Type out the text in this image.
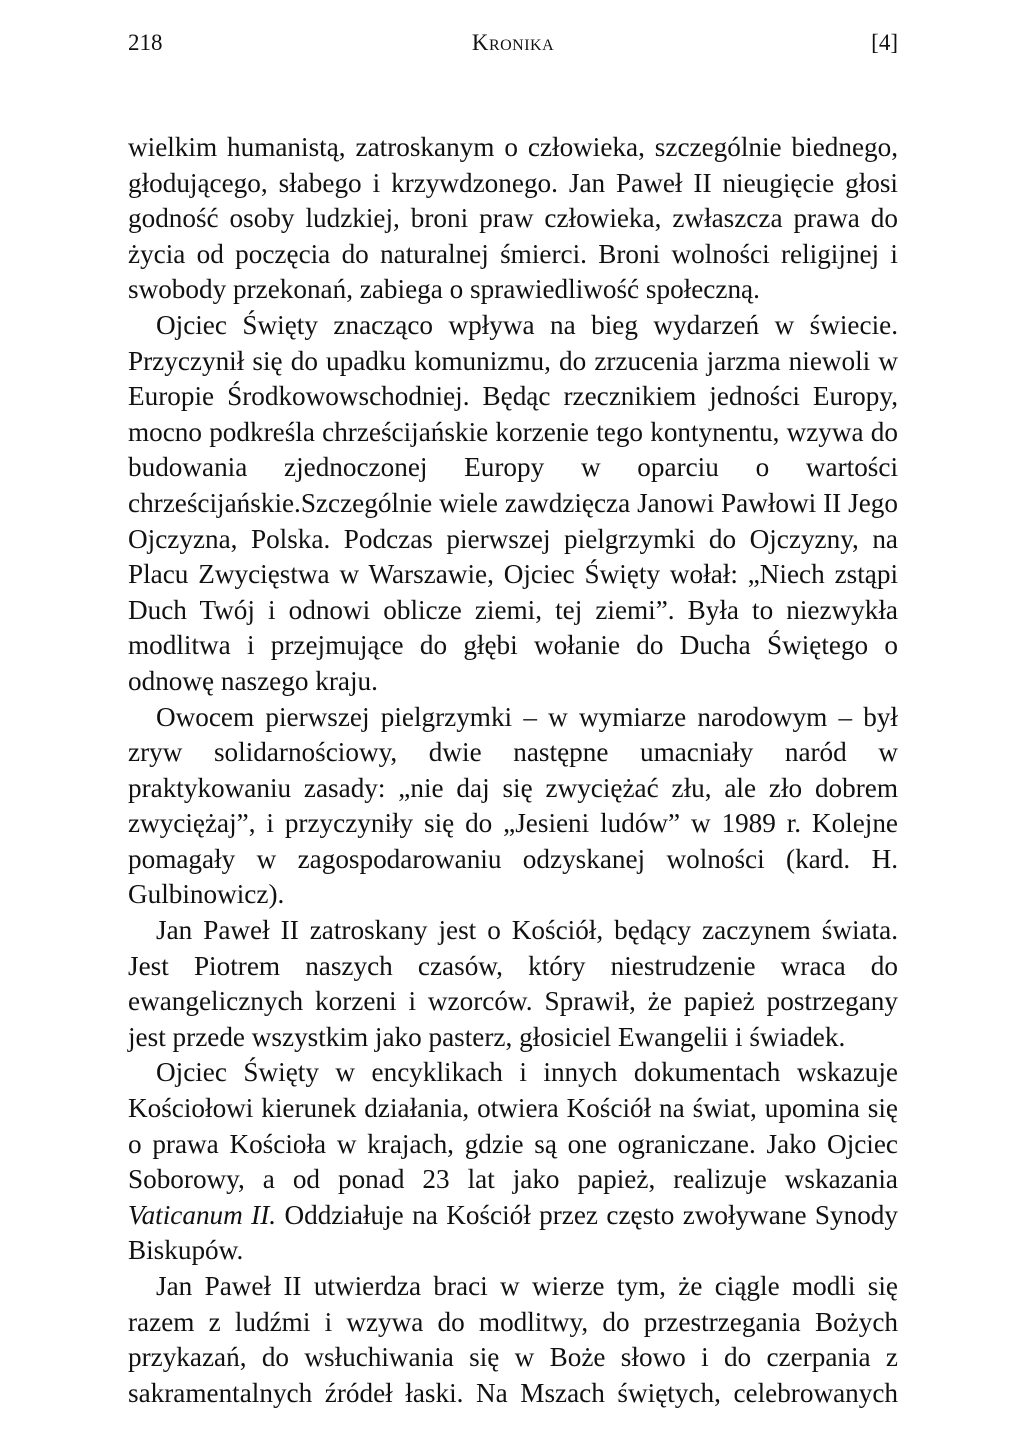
218	Kronika	[4]

wielkim humanistą, zatroskanym o człowieka, szczególnie biednego, głodującego, słabego i krzywdzonego. Jan Paweł II nieugięcie głosi godność osoby ludzkiej, broni praw człowieka, zwłaszcza prawa do życia od poczęcia do naturalnej śmierci. Broni wolności religijnej i swobody przekonań, zabiega o sprawiedliwość społeczną.

Ojciec Święty znacząco wpływa na bieg wydarzeń w świecie. Przyczynił się do upadku komunizmu, do zrzucenia jarzma niewoli w Europie Środkowowschodniej. Będąc rzecznikiem jedności Europy, mocno podkreśla chrześcijańskie korzenie tego kontynentu, wzywa do budowania zjednoczonej Europy w oparciu o wartości chrześcijańskie.Szczególnie wiele zawdzięcza Janowi Pawłowi II Jego Ojczyzna, Polska. Podczas pierwszej pielgrzymki do Ojczyzny, na Placu Zwycięstwa w Warszawie, Ojciec Święty wołał: „Niech zstąpi Duch Twój i odnowi oblicze ziemi, tej ziemi”. Była to niezwykła modlitwa i przejmujące do głębi wołanie do Ducha Świętego o odnowę naszego kraju.

Owocem pierwszej pielgrzymki – w wymiarze narodowym – był zryw solidarnościowy, dwie następne umacniały naród w praktykowaniu zasady: „nie daj się zwyciężać złu, ale zło dobrem zwyciężaj”, i przyczyniły się do „Jesieni ludów” w 1989 r. Kolejne pomagały w zagospodarowaniu odzyskanej wolności (kard. H. Gulbinowicz).

Jan Paweł II zatroskany jest o Kościół, będący zaczynem świata. Jest Piotrem naszych czasów, który niestrudzenie wraca do ewangelicznych korzeni i wzorców. Sprawił, że papież postrzegany jest przede wszystkim jako pasterz, głosiciel Ewangelii i świadek.

Ojciec Święty w encyklikach i innych dokumentach wskazuje Kościołowi kierunek działania, otwiera Kościół na świat, upomina się o prawa Kościoła w krajach, gdzie są one ograniczane. Jako Ojciec Soborowy, a od ponad 23 lat jako papież, realizuje wskazania Vaticanum II. Oddziałuje na Kościół przez często zwoływane Synody Biskupów.

Jan Paweł II utwierdza braci w wierze tym, że ciągle modli się razem z ludźmi i wzywa do modlitwy, do przestrzegania Bożych przykazań, do wsłuchiwania się w Boże słowo i do czerpania z sakramentalnych źródeł łaski. Na Mszach świętych, celebrowanych
